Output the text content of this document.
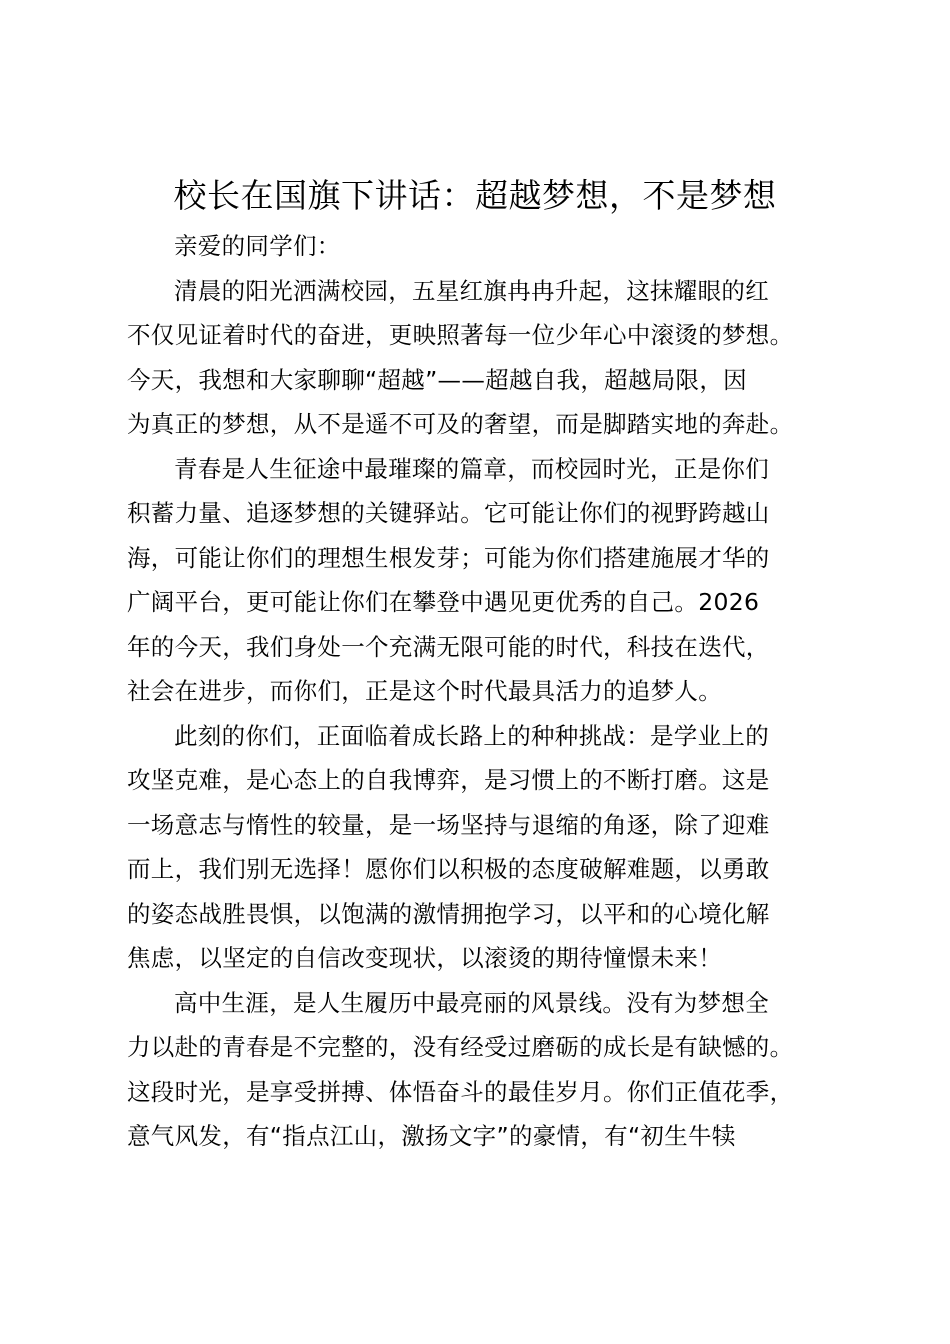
校长在国旗下讲话：超越梦想，不是梦想
亲爱的同学们：
清晨的阳光洒满校园，五星红旗冉冉升起，这抹耀眼的红
不仅见证着时代的奋进，更映照著每一位少年心中滚烫的梦想。
今天，我想和大家聊聊“超越”——超越自我，超越局限，因
为真正的梦想，从不是遥不可及的奢望，而是脚踏实地的奔赴。
青春是人生征途中最璀璨的篇章，而校园时光，正是你们
积蓄力量、追逐梦想的关键驿站。它可能让你们的视野跨越山
海，可能让你们的理想生根发芽；可能为你们搭建施展才华的
广阔平台，更可能让你们在攀登中遇见更优秀的自己。2026
年的今天，我们身处一个充满无限可能的时代，科技在迭代，
社会在进步，而你们，正是这个时代最具活力的追梦人。
此刻的你们，正面临着成长路上的种种挑战：是学业上的
攻坚克难，是心态上的自我博弈，是习惯上的不断打磨。这是
一场意志与惰性的较量，是一场坚持与退缩的角逐，除了迎难
而上，我们别无选择！愿你们以积极的态度破解难题，以勇敢
的姿态战胜畏惧，以饱满的激情拥抱学习，以平和的心境化解
焦虑，以坚定的自信改变现状，以滚烫的期待憧憬未来！
高中生涯，是人生履历中最亮丽的风景线。没有为梦想全
力以赴的青春是不完整的，没有经受过磨砺的成长是有缺憾的。
这段时光，是享受拼搏、体悟奋斗的最佳岁月。你们正值花季，
意气风发，有“指点江山，激扬文字”的豪情，有“初生牛犊
